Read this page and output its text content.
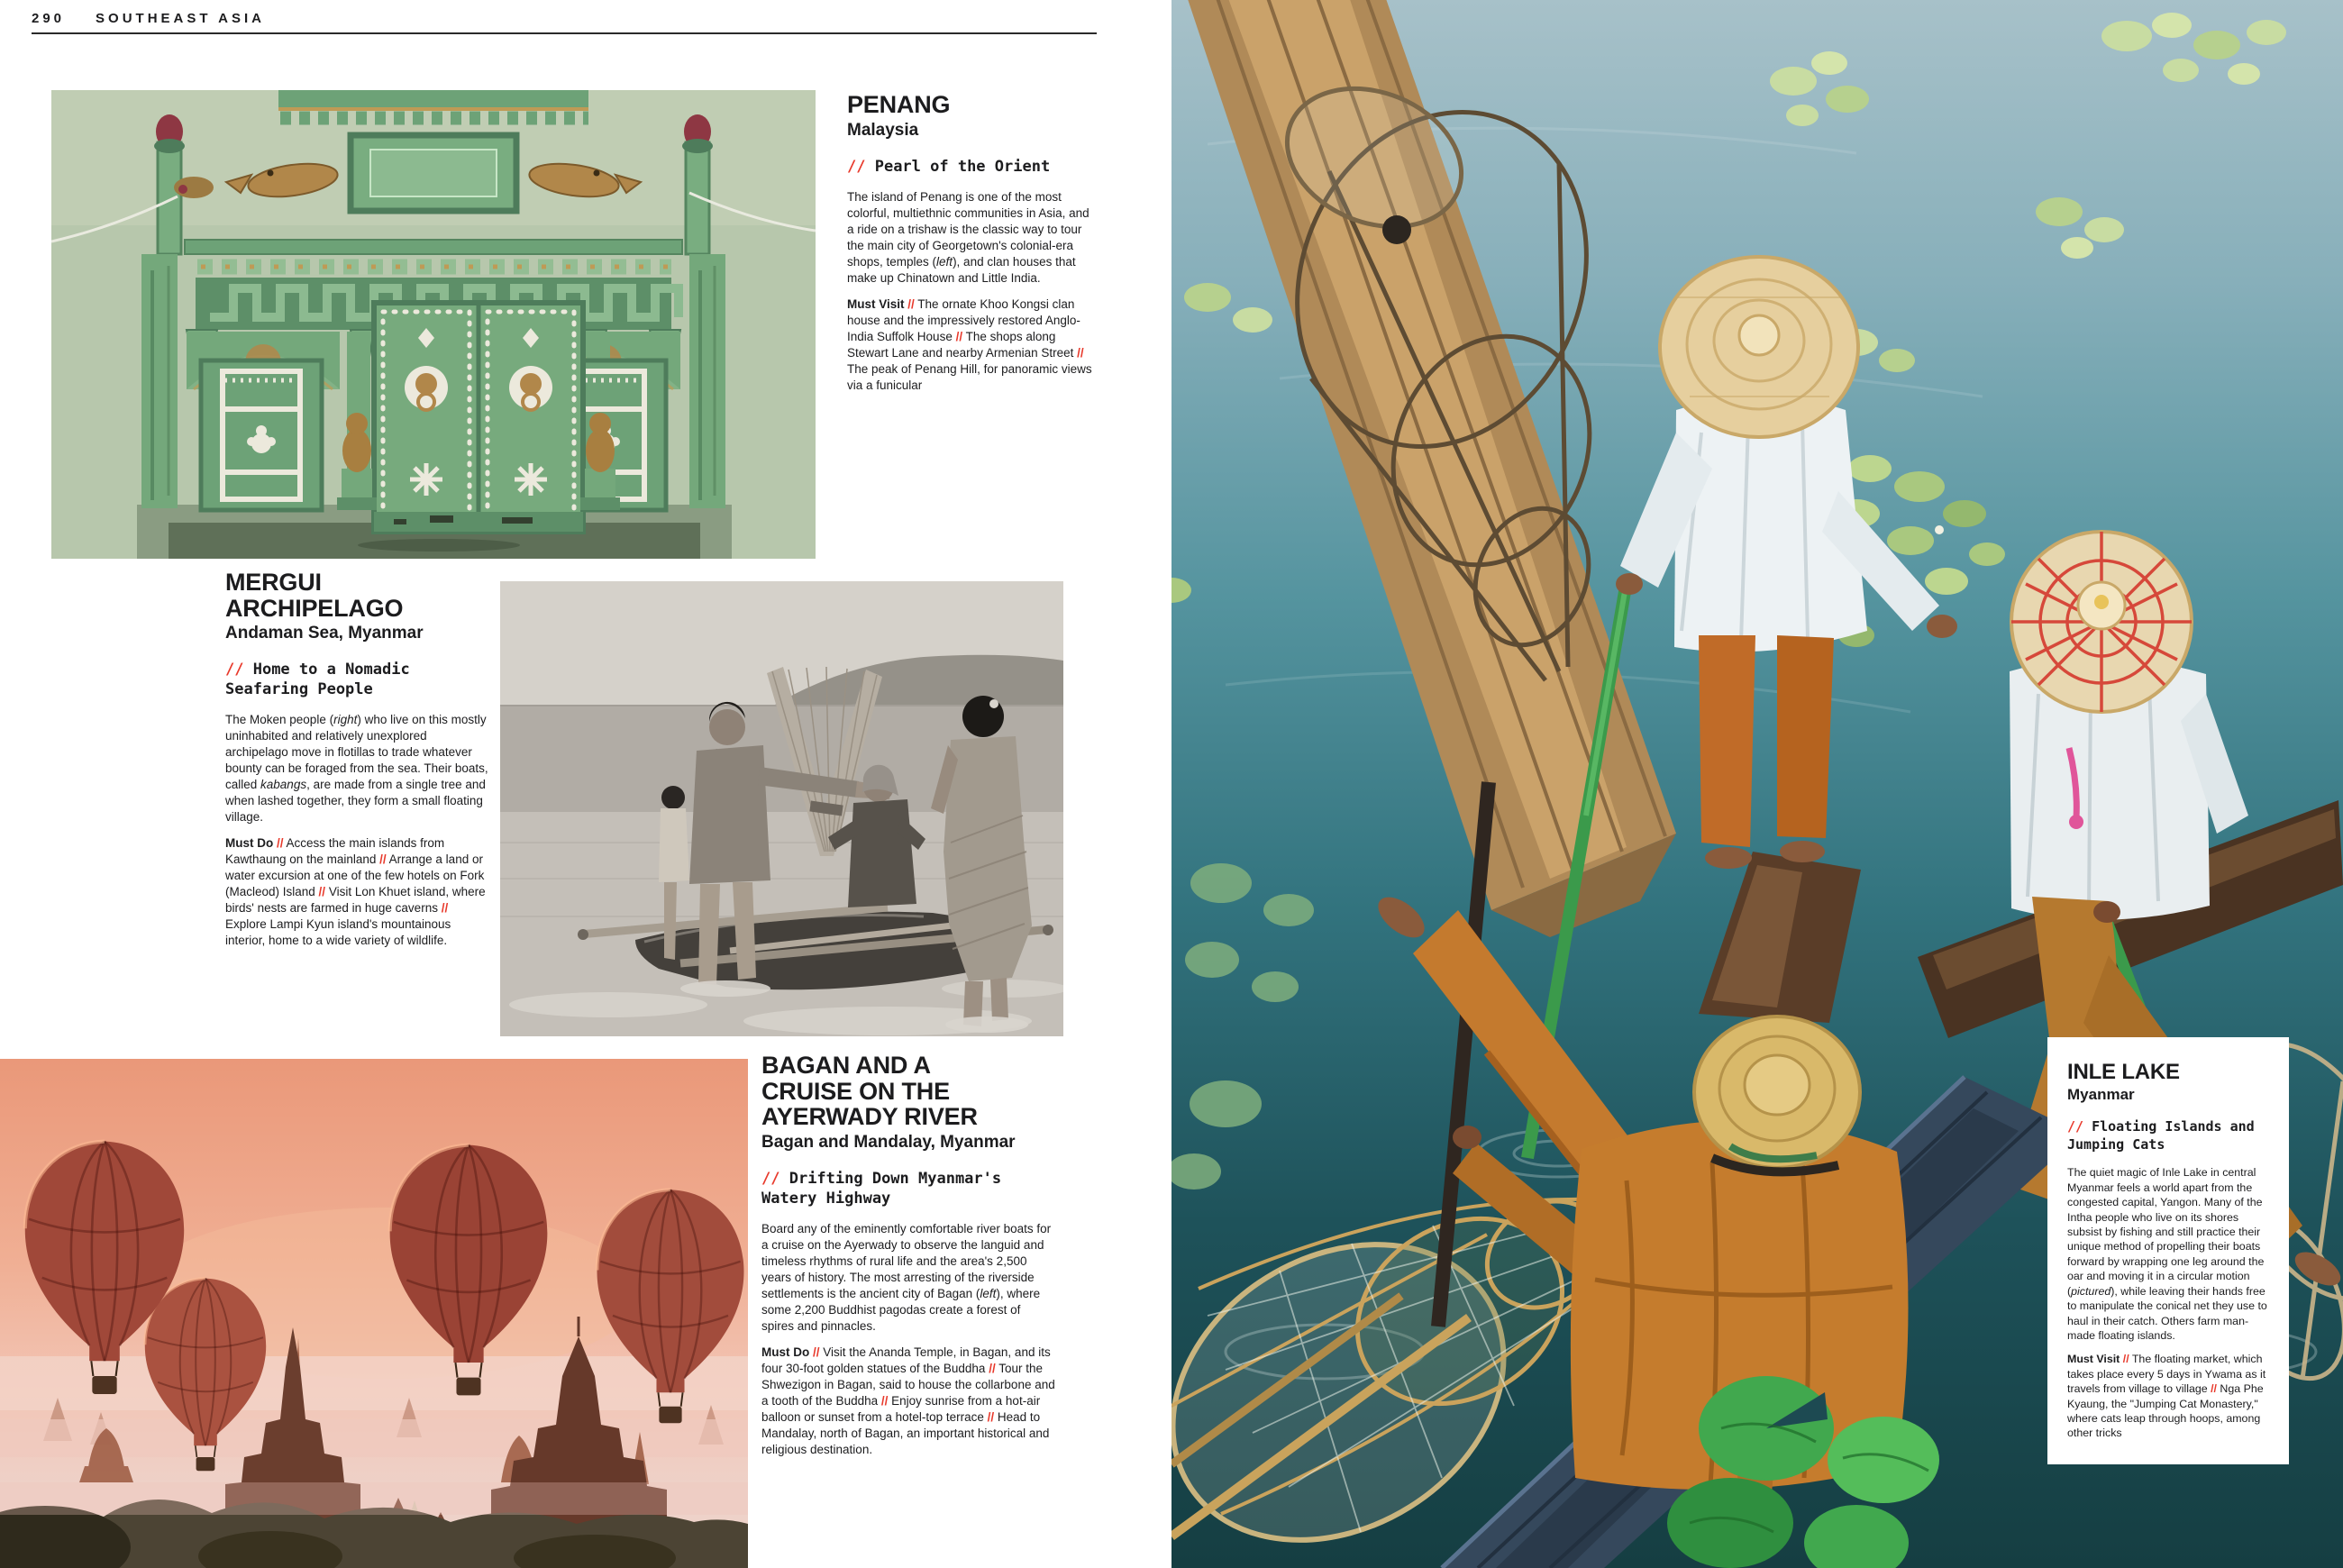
290 SOUTHEAST ASIA
PENANG

Malaysia

// Pearl of the Orient

The island of Penang is one of the most colorful, multiethnic communities in Asia, and a ride on a trishaw is the classic way to tour the main city of Georgetown's colonial-era shops, temples (left), and clan houses that make up Chinatown and Little India.

Must Visit // The ornate Khoo Kongsi clan house and the impressively restored Anglo-India Suffolk House // The shops along Stewart Lane and nearby Armenian Street // The peak of Penang Hill, for panoramic views via a funicular

MERGUI ARCHIPELAGO

Andaman Sea, Myanmar

// Home to a Nomadic Seafaring People

The Moken people (right) who live on this mostly uninhabited and relatively unexplored archipelago move in flotillas to trade whatever bounty can be foraged from the sea. Their boats, called kabangs, are made from a single tree and when lashed together, they form a small floating village.

Must Do // Access the main islands from Kawthaung on the mainland // Arrange a land or water excursion at one of the few hotels on Fork (Macleod) Island // Visit Lon Khuet island, where birds' nests are farmed in huge caverns // Explore Lampi Kyun island's mountainous interior, home to a wide variety of wildlife.

BAGAN AND A CRUISE ON THE AYERWADY RIVER

Bagan and Mandalay, Myanmar

// Drifting Down Myanmar's Watery Highway

Board any of the eminently comfortable river boats for a cruise on the Ayerwady to observe the languid and timeless rhythms of rural life and the area's 2,500 years of history. The most arresting of the riverside settlements is the ancient city of Bagan (left), where some 2,200 Buddhist pagodas create a forest of spires and pinnacles.

Must Do // Visit the Ananda Temple, in Bagan, and its four 30-foot golden statues of the Buddha // Tour the Shwezigon in Bagan, said to house the collarbone and a tooth of the Buddha // Enjoy sunrise from a hot-air balloon or sunset from a hotel-top terrace // Head to Mandalay, north of Bagan, an important historical and religious destination.

INLE LAKE

Myanmar

// Floating Islands and Jumping Cats

The quiet magic of Inle Lake in central Myanmar feels a world apart from the congested capital, Yangon. Many of the Intha people who live on its shores subsist by fishing and still practice their unique method of propelling their boats forward by wrapping one leg around the oar and moving it in a circular motion (pictured), while leaving their hands free to manipulate the conical net they use to haul in their catch. Others farm man-made floating islands.

Must Visit // The floating market, which takes place every 5 days in Ywama as it travels from village to village // Nga Phe Kyaung, the "Jumping Cat Monastery," where cats leap through hoops, among other tricks
